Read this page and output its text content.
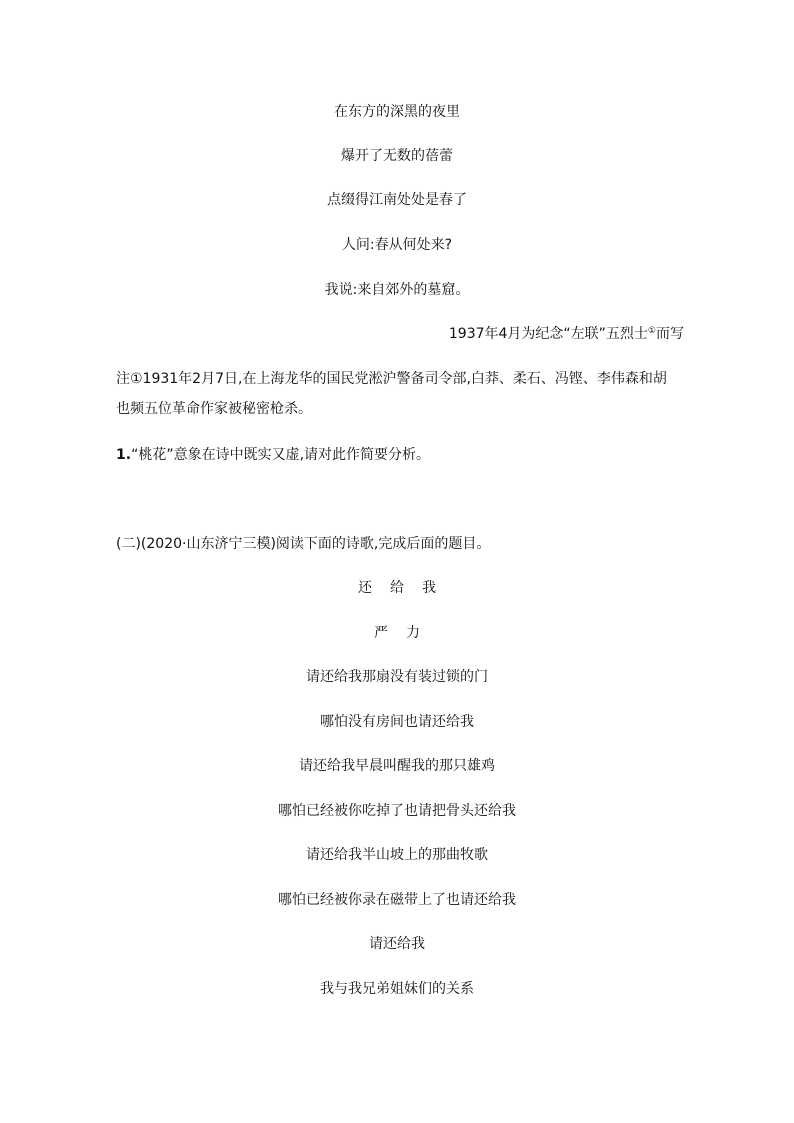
在东方的深黑的夜里
爆开了无数的蓓蕾
点缀得江南处处是春了
人问:春从何处来?
我说:来自郊外的墓窟。
1937年4月为纪念“左联”五烈士①而写
注①1931年2月7日,在上海龙华的国民党淞沪警备司令部,白莽、柔石、冯铿、李伟森和胡
也频五位革命作家被秘密枪杀。
1.“桃花”意象在诗中既实又虚,请对此作简要分析。
(二)(2020·山东济宁三模)阅读下面的诗歌,完成后面的题目。
还给我
严力
请还给我那扇没有装过锁的门
哪怕没有房间也请还给我
请还给我早晨叫醒我的那只雄鸡
哪怕已经被你吃掉了也请把骨头还给我
请还给我半山坡上的那曲牧歌
哪怕已经被你录在磁带上了也请还给我
请还给我
我与我兄弟姐妹们的关系
